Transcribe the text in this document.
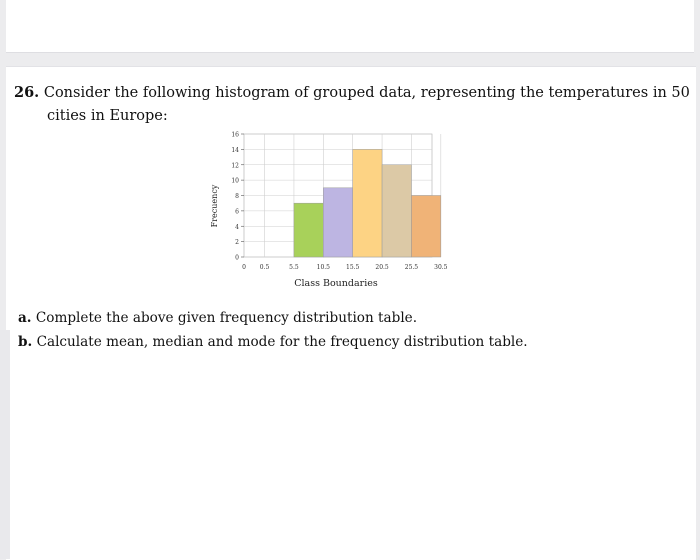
26. Consider the following histogram of grouped data, representing the temperatures in 50
cities in Europe:
0
2
4
6
8
10
12
14
16
0 0.5	5.5	10.5	15.5	20.5	25.5	30.5
Frecuency
Class Boundaries
a. Complete the above given frequency distribution table.
b. Calculate mean, median and mode for the frequency distribution table.
